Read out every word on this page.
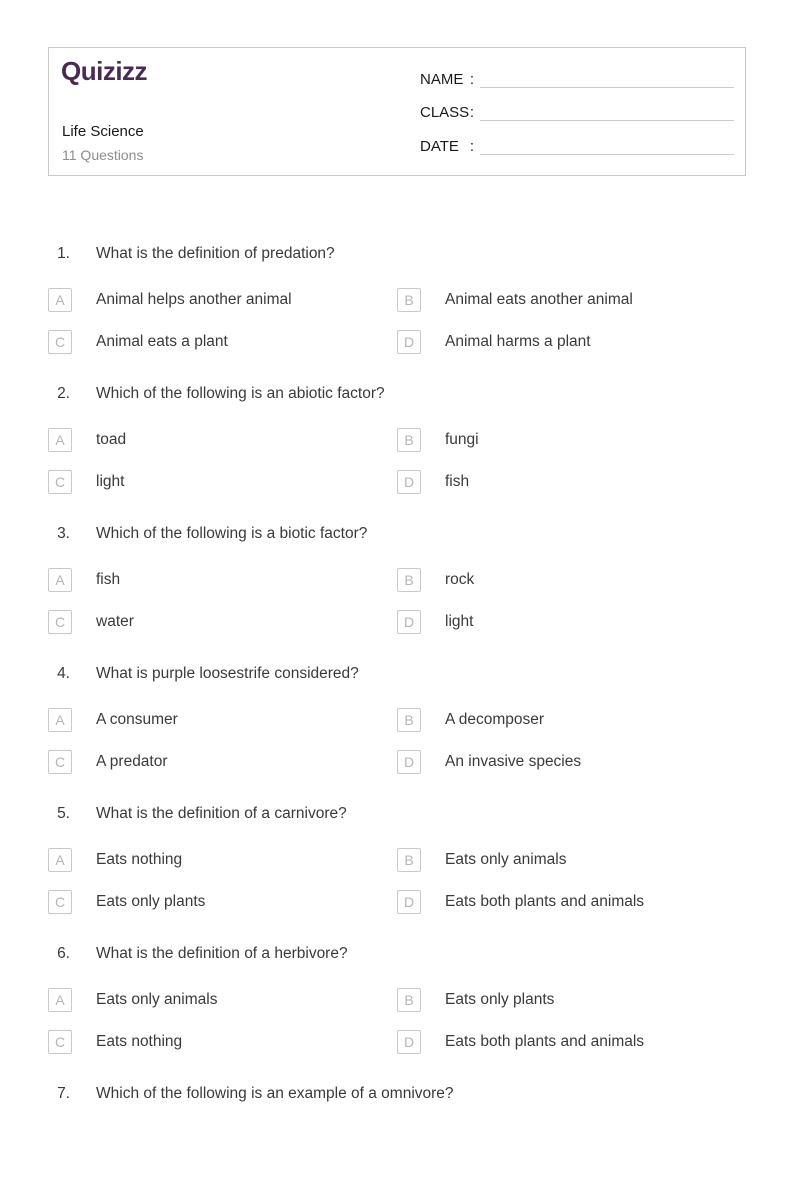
Quizizz
Life Science
11 Questions
NAME :
CLASS :
DATE :
1. What is the definition of predation?
A	Animal helps another animal	B	Animal eats another animal
C	Animal eats a plant	D	Animal harms a plant
2. Which of the following is an abiotic factor?
A	toad	B	fungi
C	light	D	fish
3. Which of the following is a biotic factor?
A	fish	B	rock
C	water	D	light
4. What is purple loosestrife considered?
A	A consumer	B	A decomposer
C	A predator	D	An invasive species
5. What is the definition of a carnivore?
A	Eats nothing	B	Eats only animals
C	Eats only plants	D	Eats both plants and animals
6. What is the definition of a herbivore?
A	Eats only animals	B	Eats only plants
C	Eats nothing	D	Eats both plants and animals
7. Which of the following is an example of a omnivore?
